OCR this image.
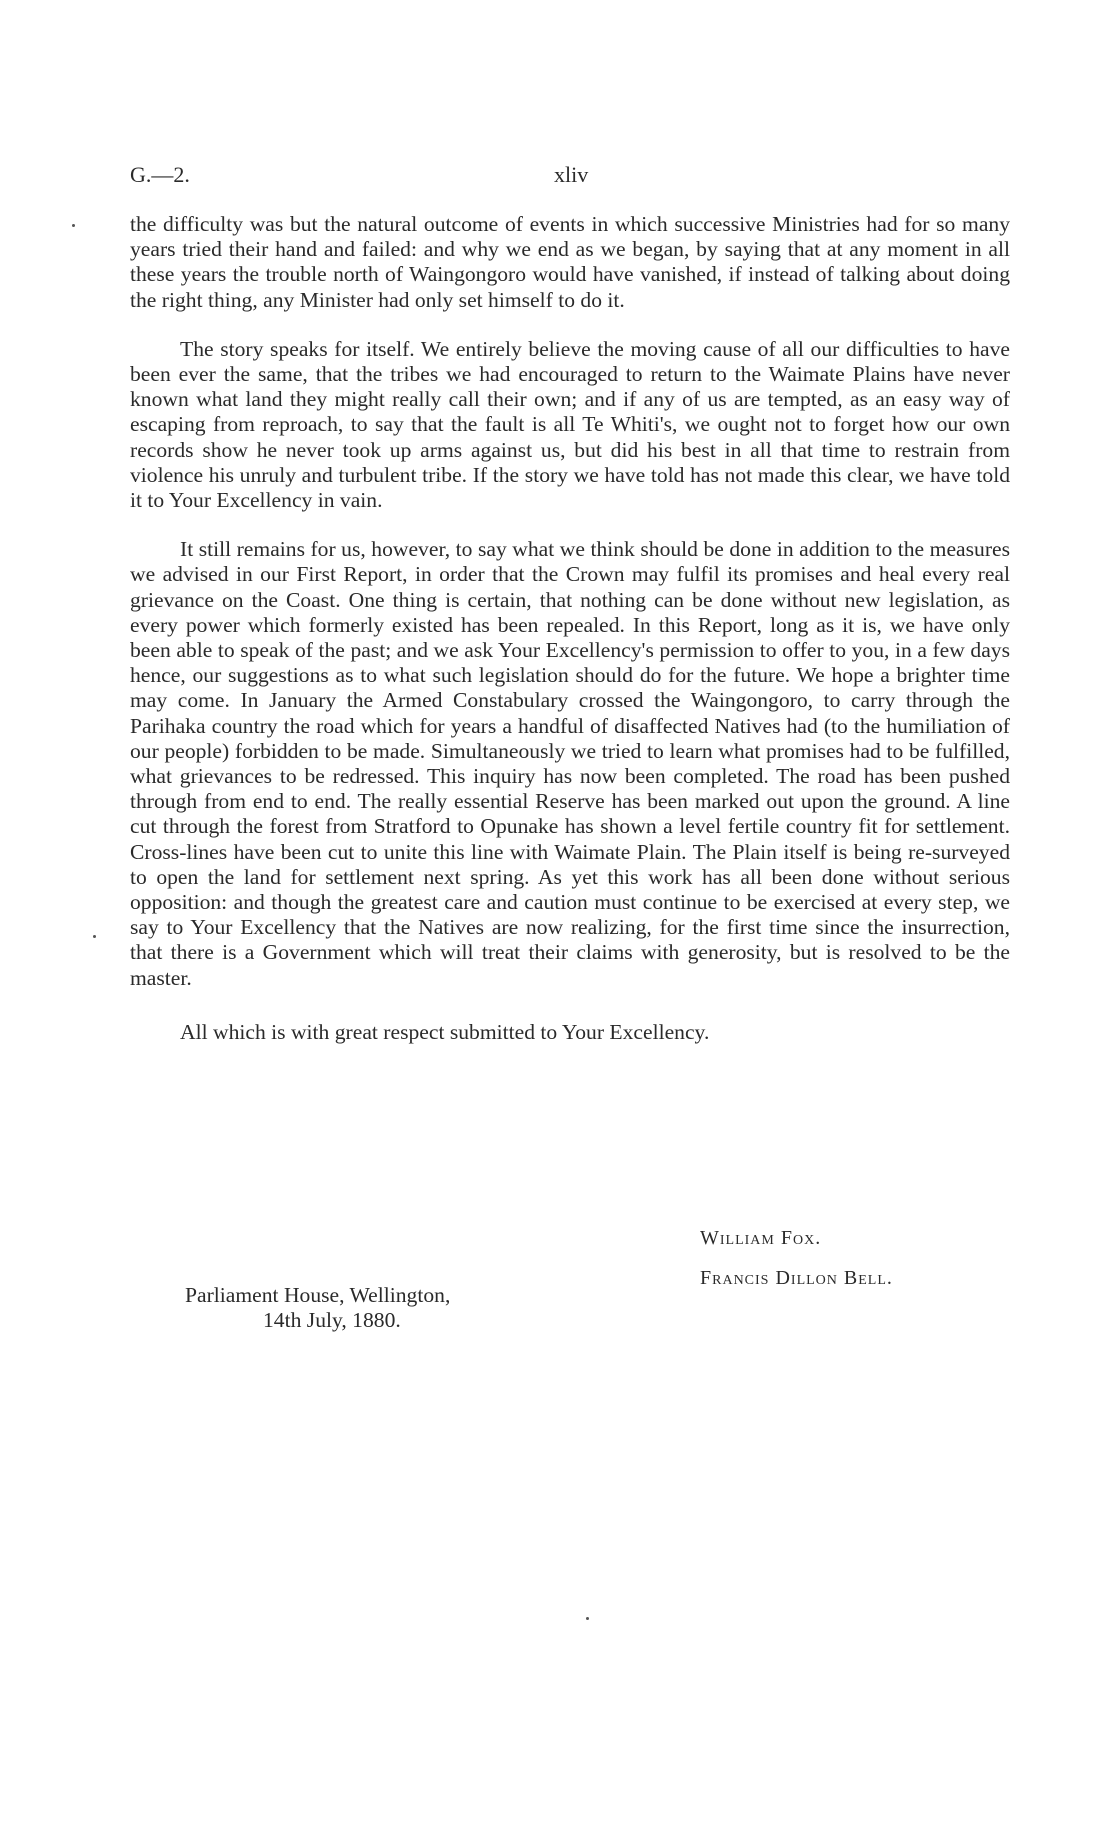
G.—2.	xliv

the difficulty was but the natural outcome of events in which successive Ministries had for so many years tried their hand and failed: and why we end as we began, by saying that at any moment in all these years the trouble north of Waingongoro would have vanished, if instead of talking about doing the right thing, any Minister had only set himself to do it.

The story speaks for itself. We entirely believe the moving cause of all our difficulties to have been ever the same, that the tribes we had encouraged to return to the Waimate Plains have never known what land they might really call their own; and if any of us are tempted, as an easy way of escaping from reproach, to say that the fault is all Te Whiti's, we ought not to forget how our own records show he never took up arms against us, but did his best in all that time to restrain from violence his unruly and turbulent tribe. If the story we have told has not made this clear, we have told it to Your Excellency in vain.

It still remains for us, however, to say what we think should be done in addition to the measures we advised in our First Report, in order that the Crown may fulfil its promises and heal every real grievance on the Coast. One thing is certain, that nothing can be done without new legislation, as every power which formerly existed has been repealed. In this Report, long as it is, we have only been able to speak of the past; and we ask Your Excellency's permission to offer to you, in a few days hence, our suggestions as to what such legislation should do for the future. We hope a brighter time may come. In January the Armed Constabulary crossed the Waingongoro, to carry through the Parihaka country the road which for years a handful of disaffected Natives had (to the humiliation of our people) forbidden to be made. Simultaneously we tried to learn what promises had to be fulfilled, what grievances to be redressed. This inquiry has now been completed. The road has been pushed through from end to end. The really essential Reserve has been marked out upon the ground. A line cut through the forest from Stratford to Opunake has shown a level fertile country fit for settlement. Cross-lines have been cut to unite this line with Waimate Plain. The Plain itself is being re-surveyed to open the land for settlement next spring. As yet this work has all been done without serious opposition: and though the greatest care and caution must continue to be exercised at every step, we say to Your Excellency that the Natives are now realizing, for the first time since the insurrection, that there is a Government which will treat their claims with generosity, but is resolved to be the master.

All which is with great respect submitted to Your Excellency.

William Fox.
Francis Dillon Bell.
Parliament House, Wellington,
14th July, 1880.
